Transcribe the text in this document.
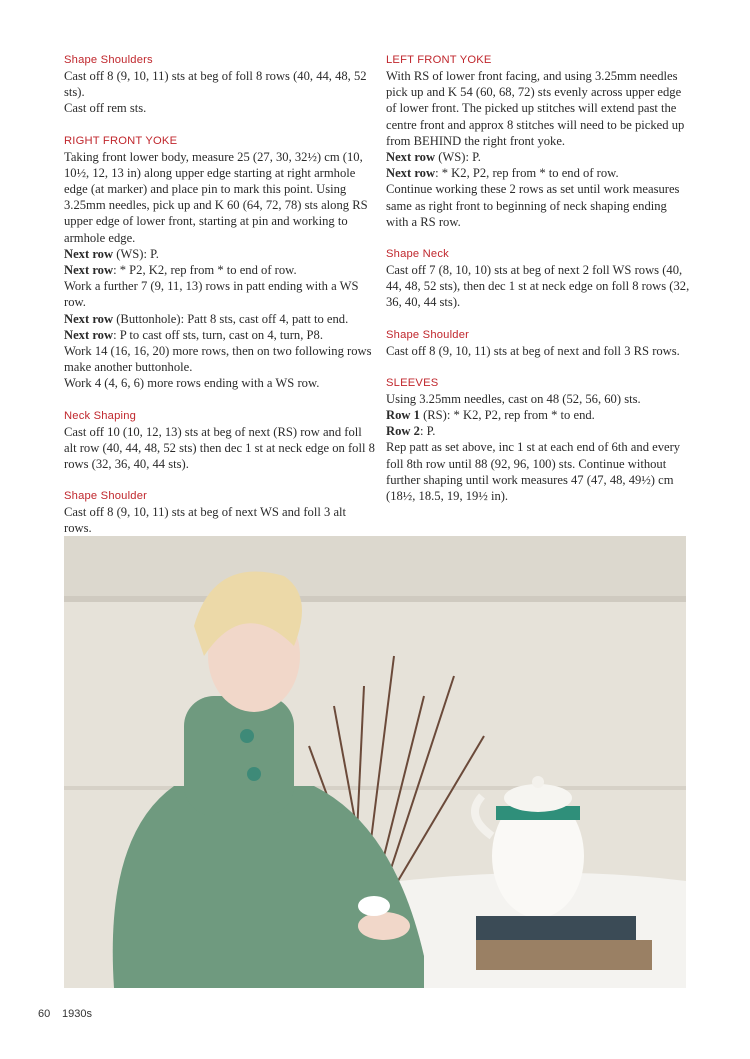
Shape Shoulders

Cast off 8 (9, 10, 11) sts at beg of foll 8 rows (40, 44, 48, 52 sts).

Cast off rem sts.

RIGHT FRONT YOKE

Taking front lower body, measure 25 (27, 30, 32½) cm (10, 10½, 12, 13 in) along upper edge starting at right armhole edge (at marker) and place pin to mark this point. Using 3.25mm needles, pick up and K 60 (64, 72, 78) sts along RS upper edge of lower front, starting at pin and working to armhole edge.

Next row (WS): P.

Next row: * P2, K2, rep from * to end of row.

Work a further 7 (9, 11, 13) rows in patt ending with a WS row.

Next row (Buttonhole): Patt 8 sts, cast off 4, patt to end.

Next row: P to cast off sts, turn, cast on 4, turn, P8.

Work 14 (16, 16, 20) more rows, then on two following rows make another buttonhole.

Work 4 (4, 6, 6) more rows ending with a WS row.

Neck Shaping

Cast off 10 (10, 12, 13) sts at beg of next (RS) row and foll alt row (40, 44, 48, 52 sts) then dec 1 st at neck edge on foll 8 rows (32, 36, 40, 44 sts).

Shape Shoulder

Cast off 8 (9, 10, 11) sts at beg of next WS and foll 3 alt rows.

LEFT FRONT YOKE

With RS of lower front facing, and using 3.25mm needles pick up and K 54 (60, 68, 72) sts evenly across upper edge of lower front. The picked up stitches will extend past the centre front and approx 8 stitches will need to be picked up from BEHIND the right front yoke.

Next row (WS): P.

Next row: * K2, P2, rep from * to end of row.

Continue working these 2 rows as set until work measures same as right front to beginning of neck shaping ending with a RS row.

Shape Neck

Cast off 7 (8, 10, 10) sts at beg of next 2 foll WS rows (40, 44, 48, 52 sts), then dec 1 st at neck edge on foll 8 rows (32, 36, 40, 44 sts).

Shape Shoulder

Cast off 8 (9, 10, 11) sts at beg of next and foll 3 RS rows.

SLEEVES

Using 3.25mm needles, cast on 48 (52, 56, 60) sts.

Row 1 (RS): * K2, P2, rep from * to end.

Row 2: P.

Rep patt as set above, inc 1 st at each end of 6th and every foll 8th row until 88 (92, 96, 100) sts. Continue without further shaping until work measures 47 (47, 48, 49½) cm (18½, 18.5, 19, 19½ in).

60 1930s
